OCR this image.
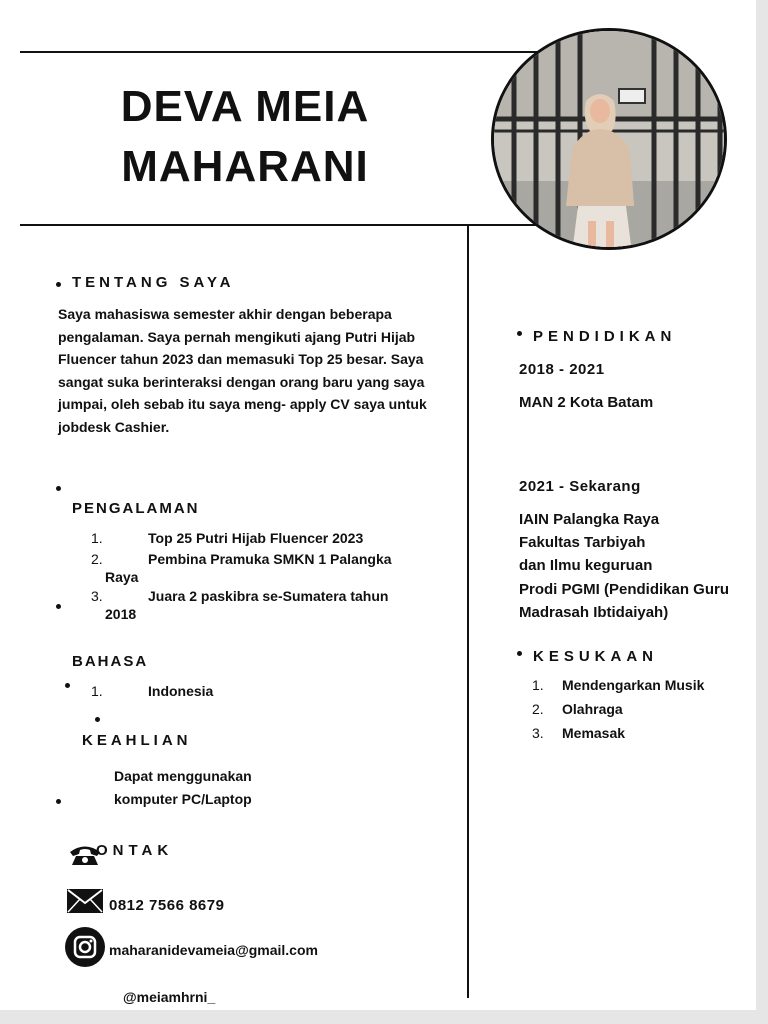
DEVA MEIA
MAHARANI
TENTANG SAYA
Saya mahasiswa semester akhir dengan beberapa pengalaman. Saya pernah mengikuti ajang Putri Hijab Fluencer tahun 2023 dan memasuki Top 25 besar. Saya sangat suka berinteraksi dengan orang baru yang saya jumpai, oleh sebab itu saya meng- apply CV saya untuk jobdesk Cashier.
PENGALAMAN
1.	Top 25 Putri Hijab Fluencer 2023
2.	Pembina Pramuka SMKN 1 Palangka
Raya
3.	Juara 2 paskibra se-Sumatera tahun
2018
BAHASA
1.	Indonesia
KEAHLIAN
Dapat menggunakan
komputer PC/Laptop
ONTAK
0812 7566 8679
maharanidevameia@gmail.com
@meiamhrni_
PENDIDIKAN
2018 - 2021
MAN 2 Kota Batam
2021 - Sekarang
IAIN Palangka Raya
Fakultas Tarbiyah
dan Ilmu keguruan
Prodi PGMI (Pendidikan Guru
Madrasah Ibtidaiyah)
KESUKAAN
1. Mendengarkan Musik
2. Olahraga
3. Memasak
